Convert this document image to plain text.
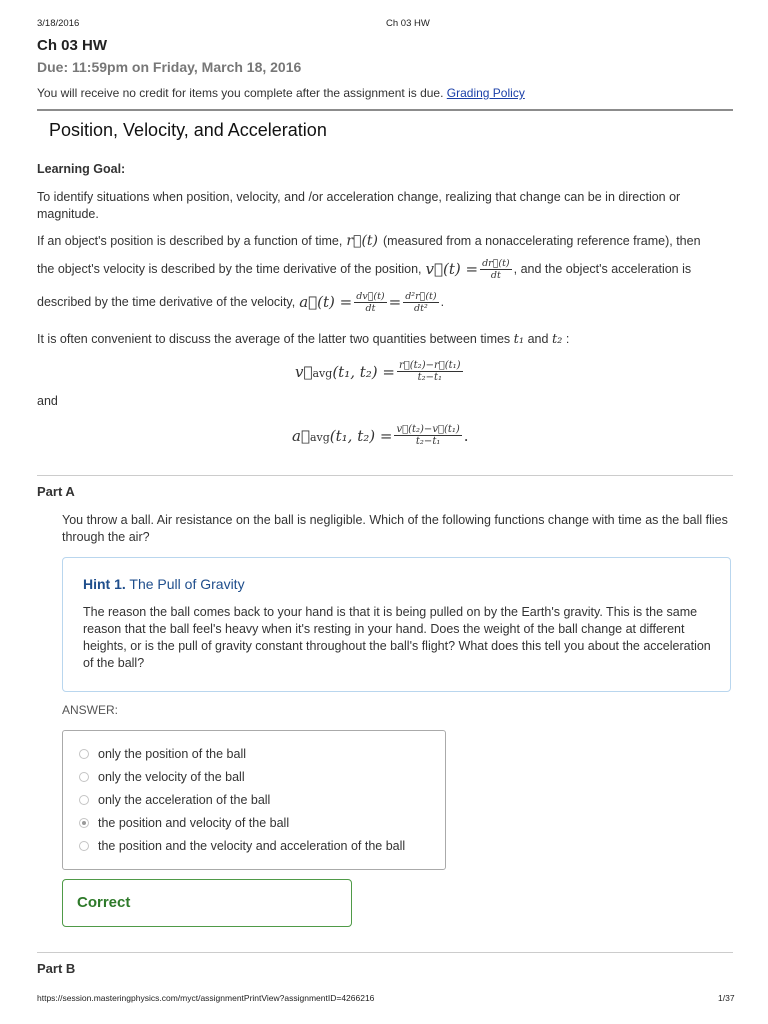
3/18/2016	Ch 03 HW
Ch 03 HW
Due: 11:59pm on Friday, March 18, 2016
You will receive no credit for items you complete after the assignment is due. Grading Policy
Position, Velocity, and Acceleration
Learning Goal:
To identify situations when position, velocity, and /or acceleration change, realizing that change can be in direction or magnitude.
If an object's position is described by a function of time, r⃗(t) (measured from a nonaccelerating reference frame), then
the object's velocity is described by the time derivative of the position, v⃗(t) = $\frac{dr⃗(t)}{dt}$ , and the object's acceleration is
described by the time derivative of the velocity, a⃗(t) = $\frac{dv⃗(t)}{dt} = \frac{\text{d²r⃗(t)}}{\text{dt²}}$ .
It is often convenient to discuss the average of the latter two quantities between times t₁ and t₂ :
v⃗avg(t₁, $t_2) = \frac{\text{r⃗(t₂)−r⃗(t₁)}}{\text{t₂−t₁}}$
and
a⃗avg(t₁, $t_2) = \frac{\text{v⃗(t₂)−v⃗(t₁)}}{\text{t₂−t₁}}$ .
Part A
You throw a ball. Air resistance on the ball is negligible. Which of the following functions change with time as the ball flies through the air?
Hint 1. The Pull of Gravity
The reason the ball comes back to your hand is that it is being pulled on by the Earth's gravity. This is the same reason that the ball feel's heavy when it's resting in your hand. Does the weight of the ball change at different heights, or is the pull of gravity constant throughout the ball's flight? What does this tell you about the acceleration of the ball?
ANSWER:
only the position of the ball
only the velocity of the ball
only the acceleration of the ball
the position and velocity of the ball
the position and the velocity and acceleration of the ball
Correct
Part B
https://session.masteringphysics.com/myct/assignmentPrintView?assignmentID=4266216	1/37
